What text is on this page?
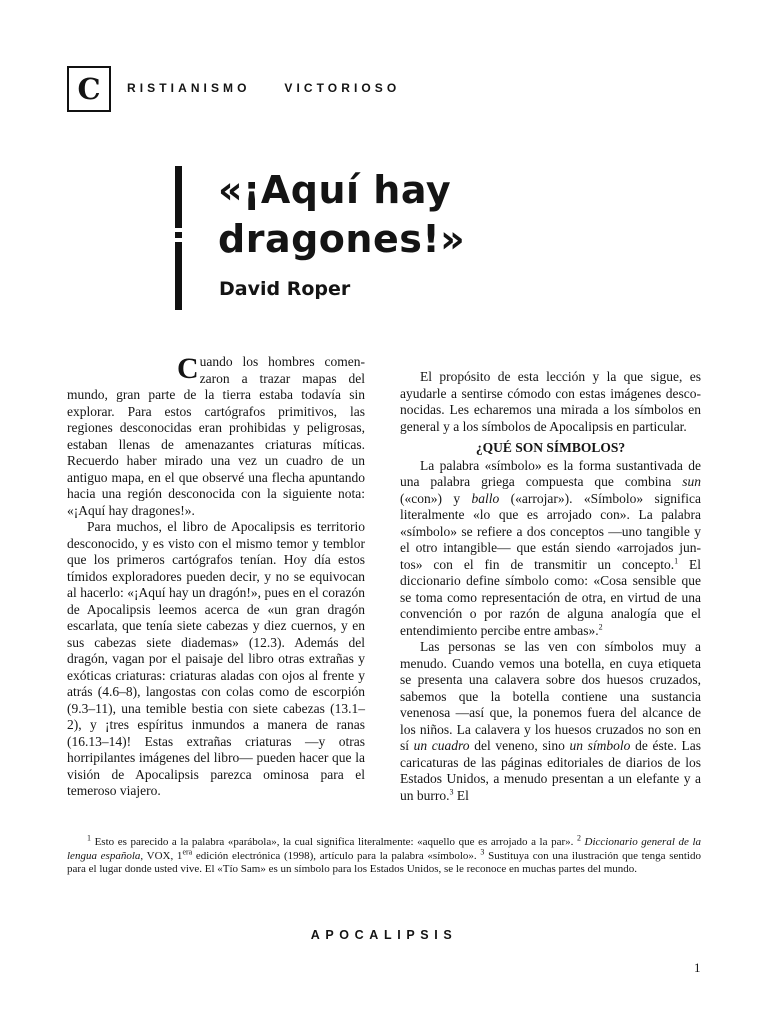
C RISTIANISMO VICTORIOSO
«¡Aquí hay
dragones!»
David Roper

Cuando los hombres comenzaron a trazar mapas del mundo, gran parte de la tierra estaba todavía sin explorar. Para estos cartógrafos primitivos, las regiones desconocidas eran prohibidas y peligrosas, estaban llenas de amenazantes criaturas míticas. Recuerdo haber mirado una vez un cuadro de un antiguo mapa, en el que observé una flecha apuntando hacia una región desconocida con la siguiente nota: «¡Aquí hay dragones!».

Para muchos, el libro de Apocalipsis es territorio desconocido, y es visto con el mismo temor y temblor que los primeros cartógrafos tenían. Hoy día estos tímidos exploradores pueden decir, y no se equivocan al hacerlo: «¡Aquí hay un dragón!», pues en el corazón de Apocalipsis leemos acerca de «un gran dragón escarlata, que tenía siete cabezas y diez cuernos, y en sus cabezas siete diademas» (12.3). Además del dragón, vagan por el paisaje del libro otras extrañas y exóticas criaturas: criaturas aladas con ojos al frente y atrás (4.6–8), langostas con colas como de escorpión (9.3–11), una temible bestia con siete cabezas (13.1–2), y ¡tres espíritus inmundos a manera de ranas (16.13–14)! Estas extrañas criaturas —y otras horripilantes imágenes del libro— pueden hacer que la visión de Apocalipsis parezca ominosa para el temeroso viajero.

El propósito de esta lección y la que sigue, es ayudarle a sentirse cómodo con estas imágenes desconocidas. Les echaremos una mirada a los símbolos en general y a los símbolos de Apocalipsis en particular.

¿QUÉ SON SÍMBOLOS?

La palabra «símbolo» es la forma sustantivada de una palabra griega compuesta que combina sun («con») y ballo («arrojar»). «Símbolo» significa literalmente «lo que es arrojado con». La palabra «símbolo» se refiere a dos conceptos —uno tangible y el otro intangible— que están siendo «arrojados juntos» con el fin de transmitir un concepto.$^1$ El diccionario define símbolo como: «Cosa sensible que se toma como representación de otra, en virtud de una convención o por razón de alguna analogía que el entendimiento percibe entre ambas».$^2$

Las personas se las ven con símbolos muy a menudo. Cuando vemos una botella, en cuya etiqueta se presenta una calavera sobre dos huesos cruzados, sabemos que la botella contiene una sustancia venenosa —así que, la ponemos fuera del alcance de los niños. La calavera y los huesos cruzados no son en sí un cuadro del veneno, sino un símbolo de éste. Las caricaturas de las páginas editoriales de diarios de los Estados Unidos, a menudo presentan a un elefante y a un burro.$^3$ El

$^1$ Esto es parecido a la palabra «parábola», la cual significa literalmente: «aquello que es arrojado a la par». $^2$ Diccionario general de la lengua española, VOX, $1^{era}$ edición electrónica (1998), artículo para la palabra «símbolo». $^3$ Sustituya con una ilustración que tenga sentido para el lugar donde usted vive. El «Tío Sam» es un símbolo para los Estados Unidos, se le reconoce en muchas partes del mundo.
APOCALIPSIS
1
